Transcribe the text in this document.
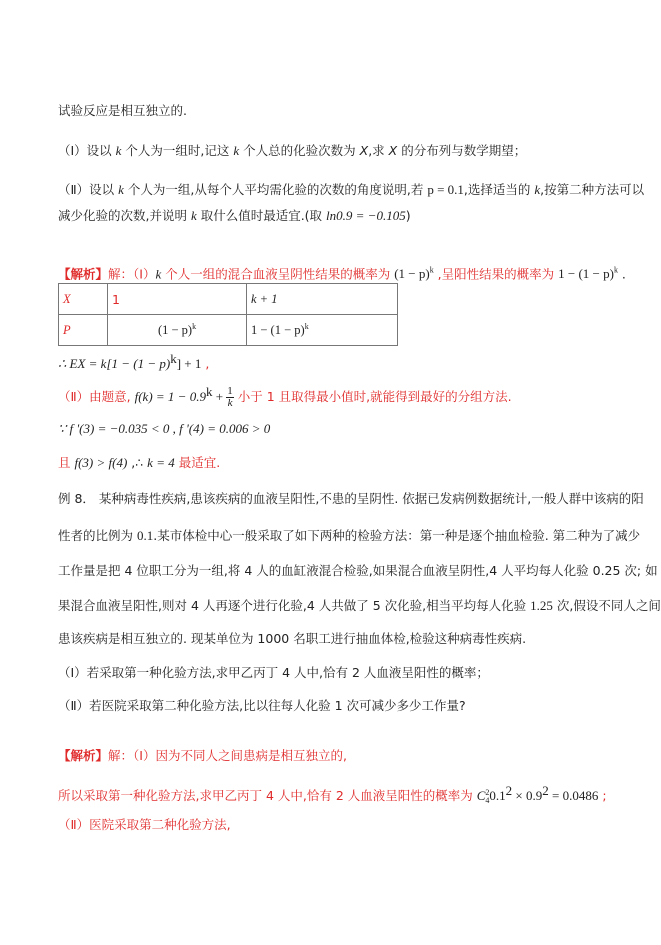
试验反应是相互独立的.
（Ⅰ）设以 k 个人为一组时,记这 k 个人总的化验次数为 X,求 X 的分布列与数学期望；
（Ⅱ）设以 k 个人为一组,从每个人平均需化验的次数的角度说明,若 p = 0.1,选择适当的 k,按第二种方法可以
减少化验的次数,并说明 k 取什么值时最适宜.(取 ln0.9 = −0.105)
【解析】解：（Ⅰ）k 个人一组的混合血液呈阴性结果的概率为 $(1 - p)^k$ ,呈阳性结果的概率为 $1 - (1 - p)^k$ .
X	1	k + 1
P	$(1 - p)^k$	$1 - (1 - p)^k$
∴ EX = $k[1 - (1 - p)^k] + 1$ ,
（Ⅱ）由题意, $f(k) = 1 - 0.9^k + \frac{1}{k}$ 小于 1 且取得最小值时,就能得到最好的分组方法.
∵ f '(3) = −0.035 < 0 , f '(4) = 0.006 > 0
且 f(3) > f(4) ,∴ k = 4 最适宜.
例 8． 某种病毒性疾病,患该疾病的血液呈阳性,不患的呈阴性. 依据已发病例数据统计,一般人群中该病的阳
性者的比例为 0.1.某市体检中心一般采取了如下两种的检验方法：第一种是逐个抽血检验. 第二种为了减少
工作量是把 4 位职工分为一组,将 4 人的血缸液混合检验,如果混合血液呈阴性,4 人平均每人化验 0.25 次; 如
果混合血液呈阳性,则对 4 人再逐个进行化验,4 人共做了 5 次化验,相当平均每人化验 1.25 次,假设不同人之间
患该疾病是相互独立的. 现某单位为 1000 名职工进行抽血体检,检验这种病毒性疾病.
（Ⅰ）若采取第一种化验方法,求甲乙丙丁 4 人中,恰有 2 人血液呈阳性的概率；
（Ⅱ）若医院采取第二种化验方法,比以往每人化验 1 次可减少多少工作量?
【解析】解：（Ⅰ）因为不同人之间患病是相互独立的,
所以采取第一种化验方法,求甲乙丙丁 4 人中,恰有 2 人血液呈阳性的概率为 C 2
4 $0.1^2 \times 0.9^2 = 0.0486$ ;
（Ⅱ）医院采取第二种化验方法,
